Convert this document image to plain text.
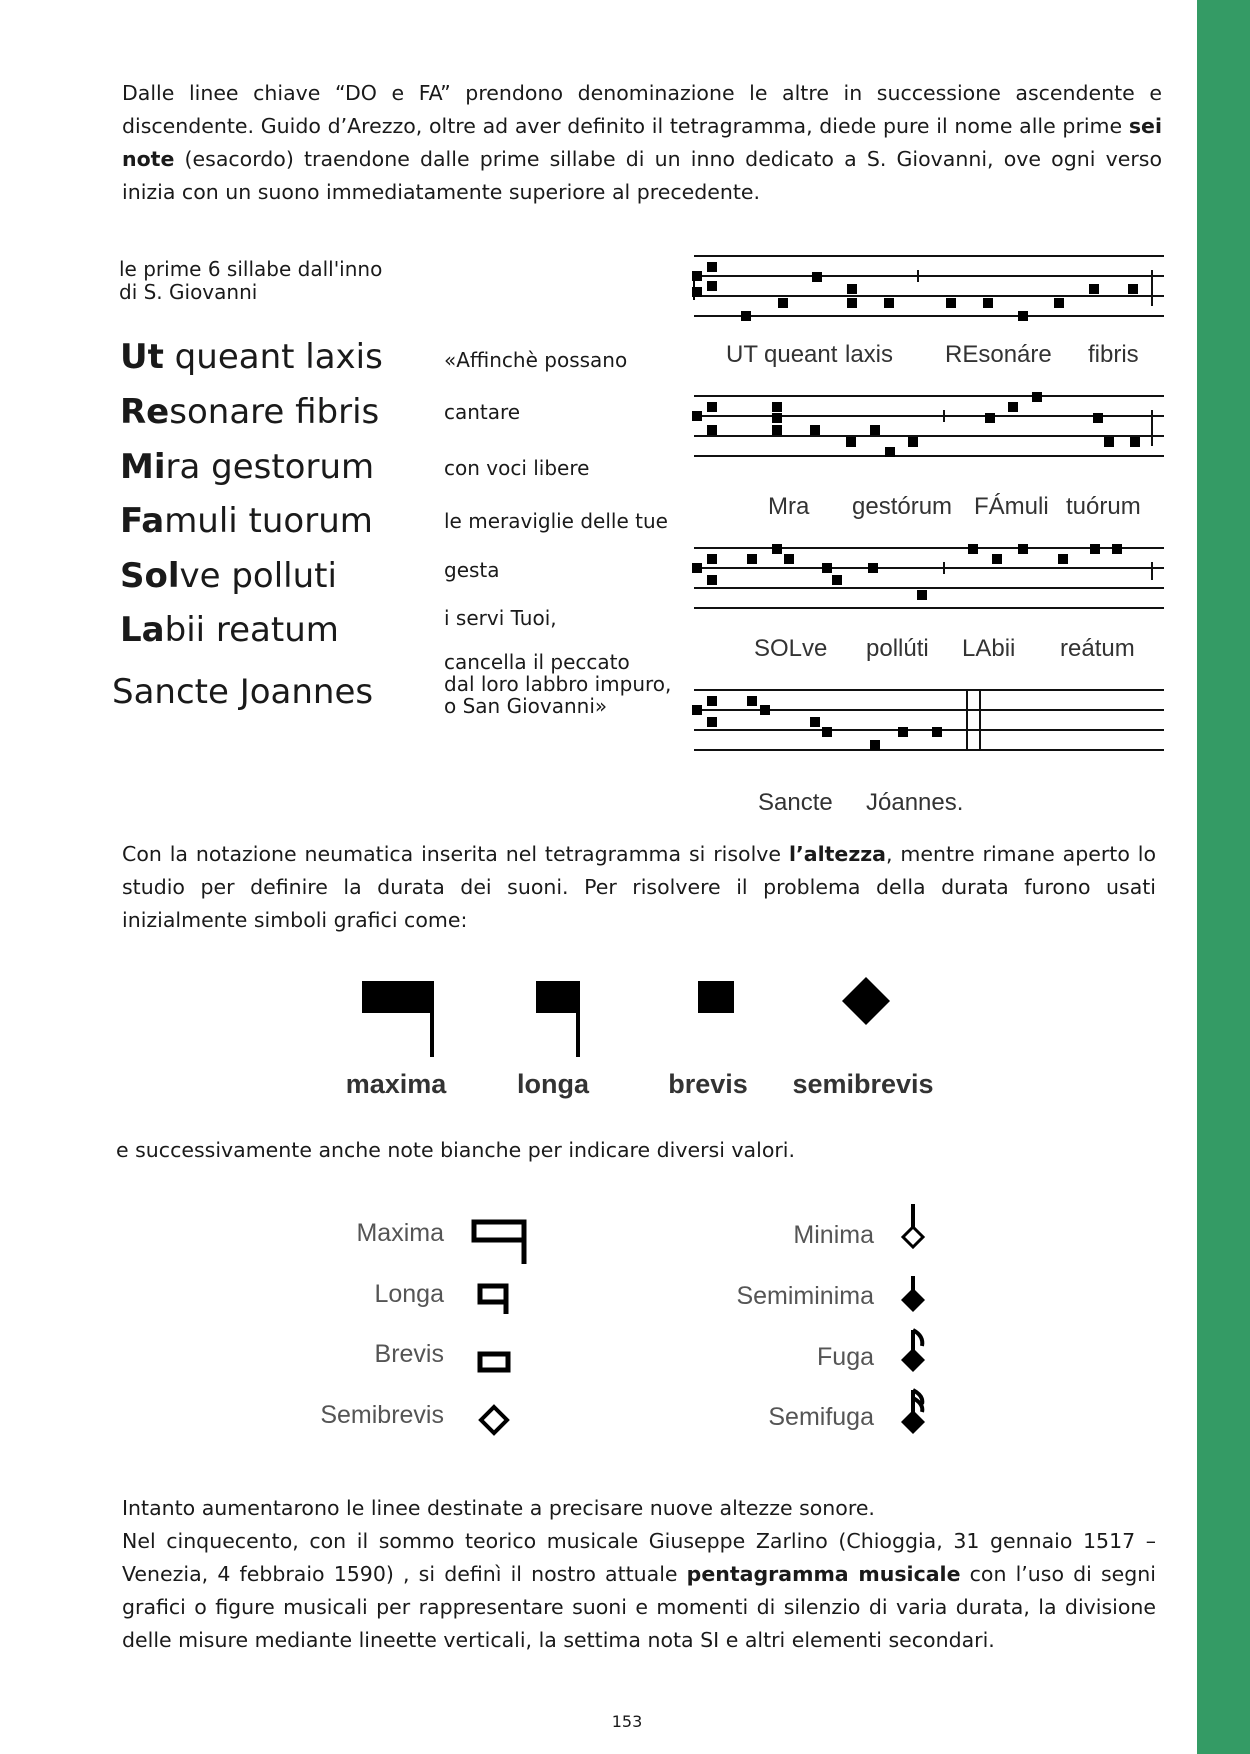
Dalle linee chiave “DO e FA” prendono denominazione le altre in successione ascendente e discendente. Guido d’Arezzo, oltre ad aver definito il tetragramma, diede pure il nome alle prime sei note (esacordo) traendone dalle prime sillabe di un inno dedicato a S. Giovanni, ove ogni verso inizia con un suono immediatamente superiore al precedente.

le prime 6 sillabe dall'inno
di S. Giovanni
Ut queant laxis
Resonare fibris
Mira gestorum
Famuli tuorum
Solve polluti
Labii reatum
Sancte Joannes
«Affinchè possano
cantare
con voci libere
le meraviglie delle tue
gesta
i servi Tuoi,
cancella il peccato
dal loro labbro impuro,
o San Giovanni»
UT queant laxis REsonáre fibris
Mra gestórum FÁmuli tuórum
SOLve pollúti LAbii reátum
Sancte Jóannes.

Con la notazione neumatica inserita nel tetragramma si risolve l’altezza, mentre rimane aperto lo studio per definire la durata dei suoni. Per risolvere il problema della durata furono usati inizialmente simboli grafici come:

maxima	longa	brevis semibrevis

e successivamente anche note bianche per indicare diversi valori.

Maxima
Longa
Brevis
Semibrevis
Minima
Semiminima
Fuga
Semifuga

Intanto aumentarono le linee destinate a precisare nuove altezze sonore.
Nel cinquecento, con il sommo teorico musicale Giuseppe Zarlino (Chioggia, 31 gennaio 1517 – Venezia, 4 febbraio 1590) , si definì il nostro attuale pentagramma musicale con l’uso di segni grafici o figure musicali per rappresentare suoni e momenti di silenzio di varia durata, la divisione delle misure mediante lineette verticali, la settima nota SI e altri elementi secondari.

153
